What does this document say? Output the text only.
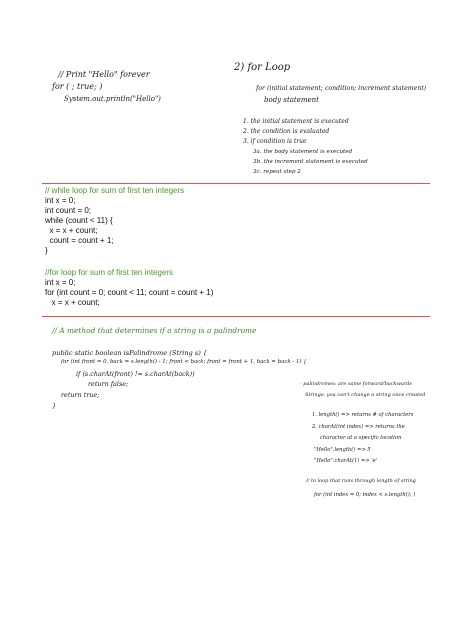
// Print "Hello" forever
for ( ; true; )
System.out.println("Hello")
2) for Loop
for (initial statement; condition; increment statement)
body statement
1. the initial statement is executed
2. the condition is evaluated
3. if condition is true
3a. the body statement is executed
3b. the increment statement is executed
3c. repeat step 2
// while loop for sum of first ten integers
int x = 0;
int count = 0;
while (count < 11) {
x = x + count;
count = count + 1;
}
//for loop for sum of first ten integers
int x = 0;
for (int count = 0; count < 11; count = count + 1)
x = x + count;
// A method that determines if a string is a palindrome
public static boolean isPalindrome (String s) {
for (int front = 0, back = s.length() - 1; front < back; front = front + 1, back = back - 1) {
if (s.charAt(front) != s.charAt(back))
return false;
return true;
}
- palindromes: are same forward/backwards
Strings: you can't change a string once created
1. length() => returns # of characters
2. charAt(int index) => returns the
character at a specific location
"Hello".length() => 5
"Hello".charAt(1) => 'e'
// to loop that runs through length of string
for (int index = 0; index < s.length(); )
